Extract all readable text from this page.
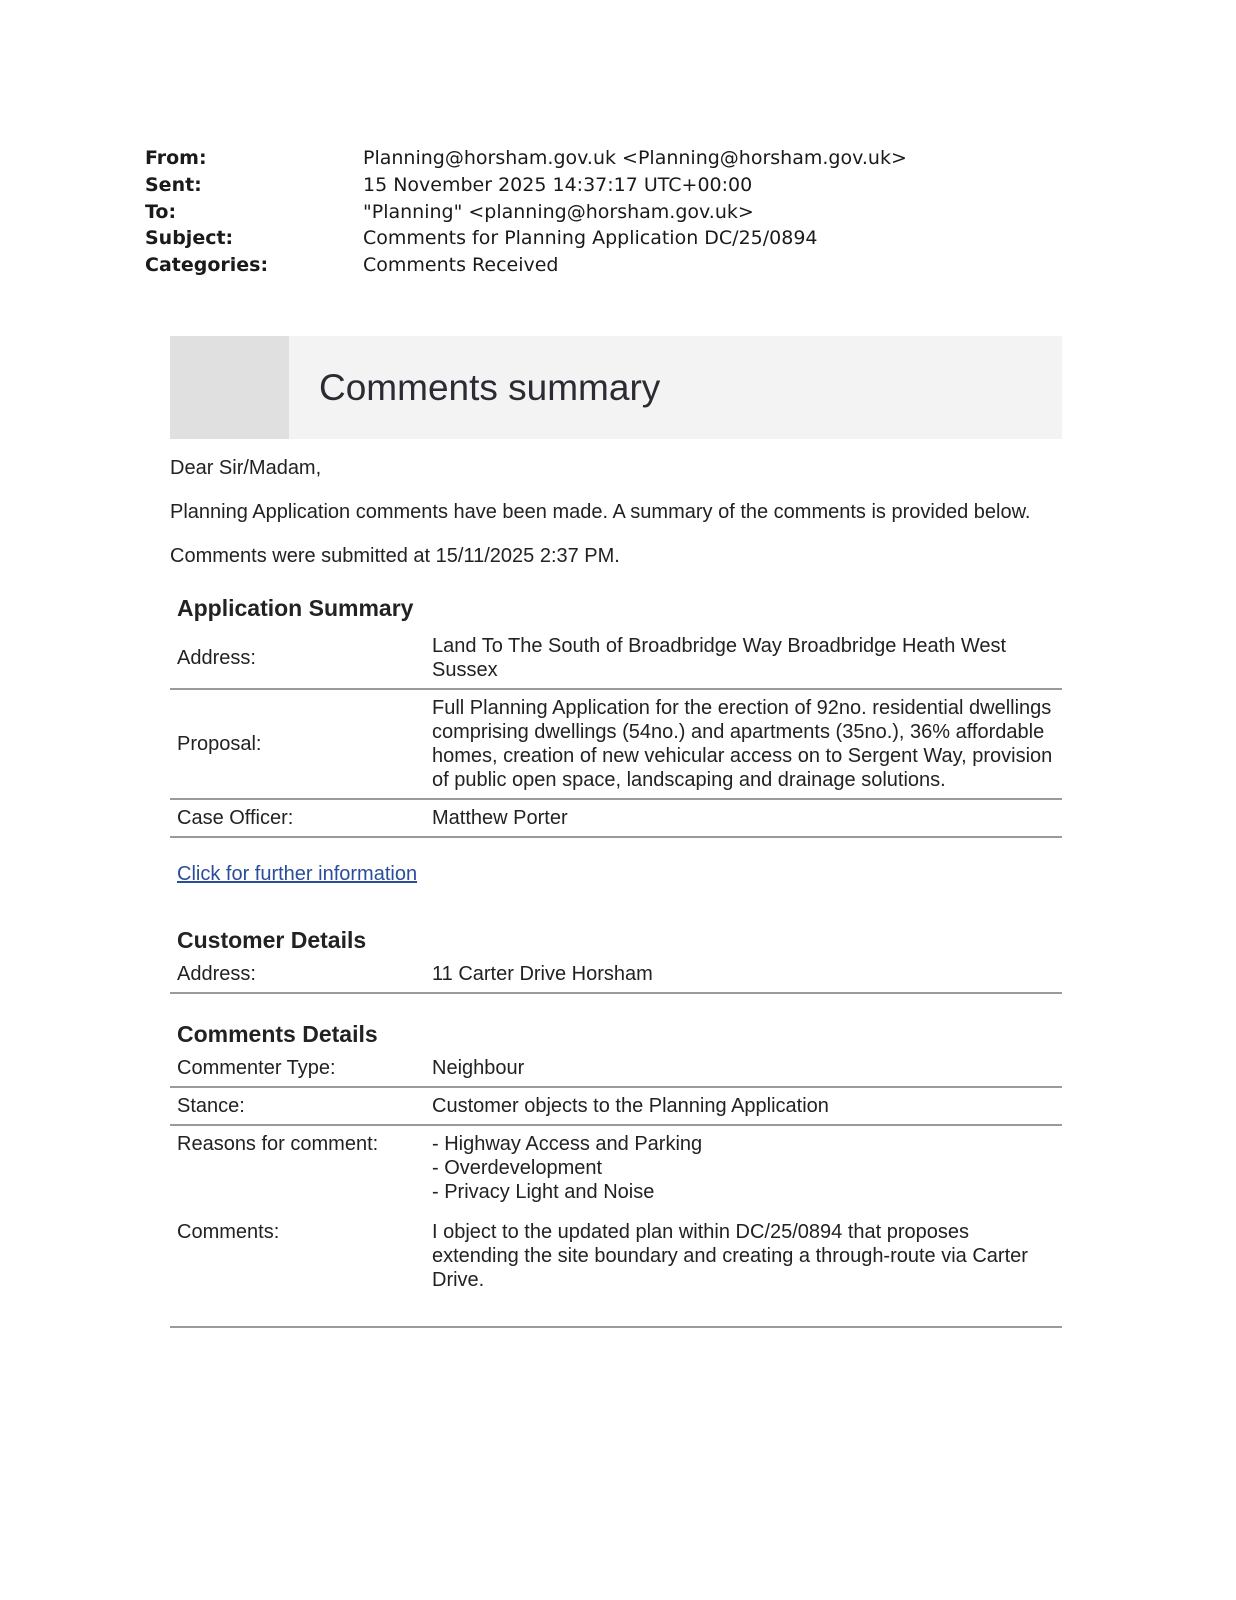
From:	Planning@horsham.gov.uk <Planning@horsham.gov.uk>
Sent:	15 November 2025 14:37:17 UTC+00:00
To:	"Planning" <planning@horsham.gov.uk>
Subject:	Comments for Planning Application DC/25/0894
Categories:	Comments Received
Comments summary

Dear Sir/Madam,

Planning Application comments have been made. A summary of the comments is provided below.

Comments were submitted at 15/11/2025 2:37 PM.

Application Summary
Address:	Land To The South of Broadbridge Way Broadbridge Heath West Sussex
Proposal:	Full Planning Application for the erection of 92no. residential dwellings comprising dwellings (54no.) and apartments (35no.), 36% affordable homes, creation of new vehicular access on to Sergent Way, provision of public open space, landscaping and drainage solutions.
Case Officer:	Matthew Porter
Click for further information
Customer Details
Address:	11 Carter Drive Horsham
Comments Details
Commenter Type:	Neighbour
Stance:	Customer objects to the Planning Application
Reasons for comment:	- Highway Access and Parking
- Overdevelopment
- Privacy Light and Noise

Comments:	I object to the updated plan within DC/25/0894 that proposes extending the site boundary and creating a through-route via Carter Drive.
